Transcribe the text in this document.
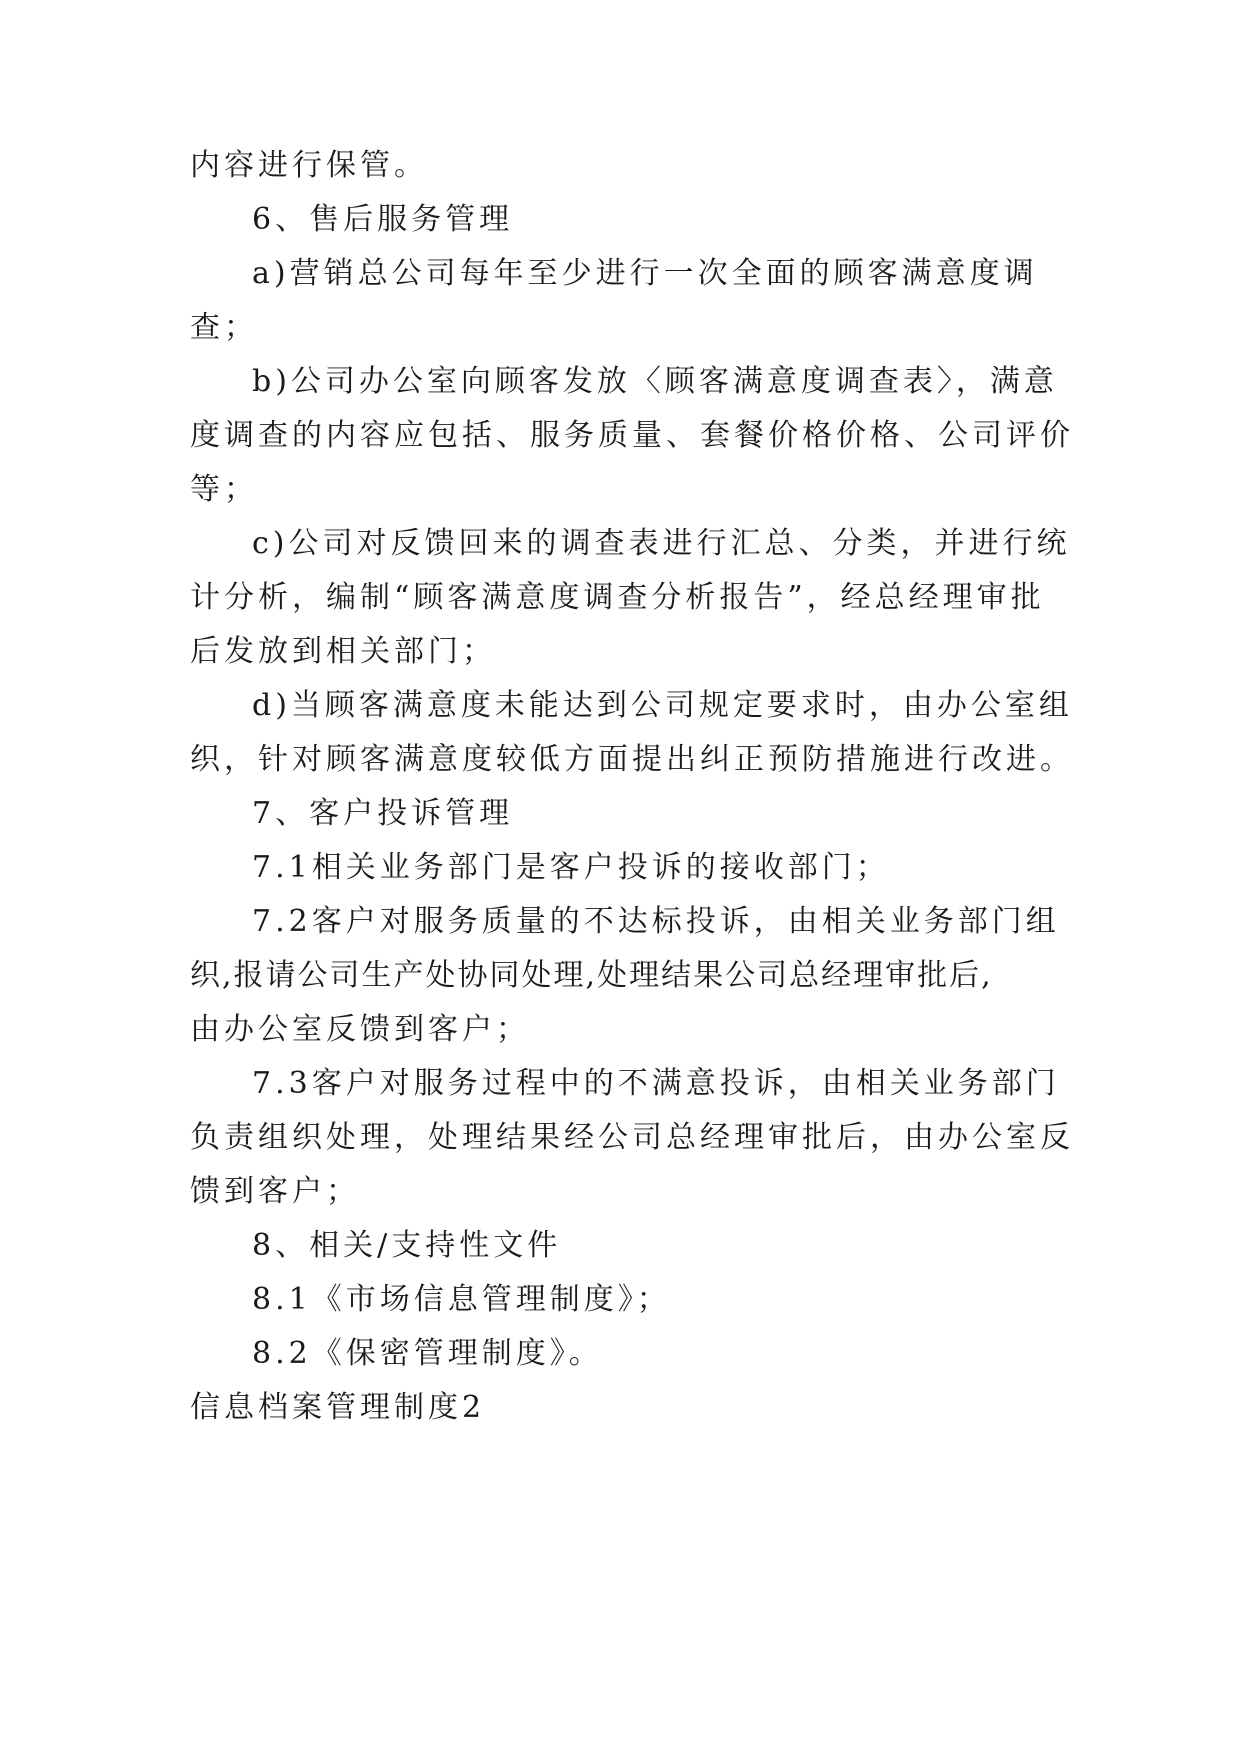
内容进行保管。
6、售后服务管理
a)营销总公司每年至少进行一次全面的顾客满意度调
查；
b)公司办公室向顾客发放〈顾客满意度调查表〉，满意
度调查的内容应包括、服务质量、套餐价格价格、公司评价
等；
c)公司对反馈回来的调查表进行汇总、分类，并进行统
计分析，编制“顾客满意度调查分析报告”，经总经理审批
后发放到相关部门；
d)当顾客满意度未能达到公司规定要求时，由办公室组
织，针对顾客满意度较低方面提出纠正预防措施进行改进。
7、客户投诉管理
7.1相关业务部门是客户投诉的接收部门；
7.2客户对服务质量的不达标投诉，由相关业务部门组
织,报请公司生产处协同处理,处理结果公司总经理审批后,
由办公室反馈到客户；
7.3客户对服务过程中的不满意投诉，由相关业务部门
负责组织处理，处理结果经公司总经理审批后，由办公室反
馈到客户；
8、相关/支持性文件
8.1《市场信息管理制度》；
8.2《保密管理制度》。
信息档案管理制度2
